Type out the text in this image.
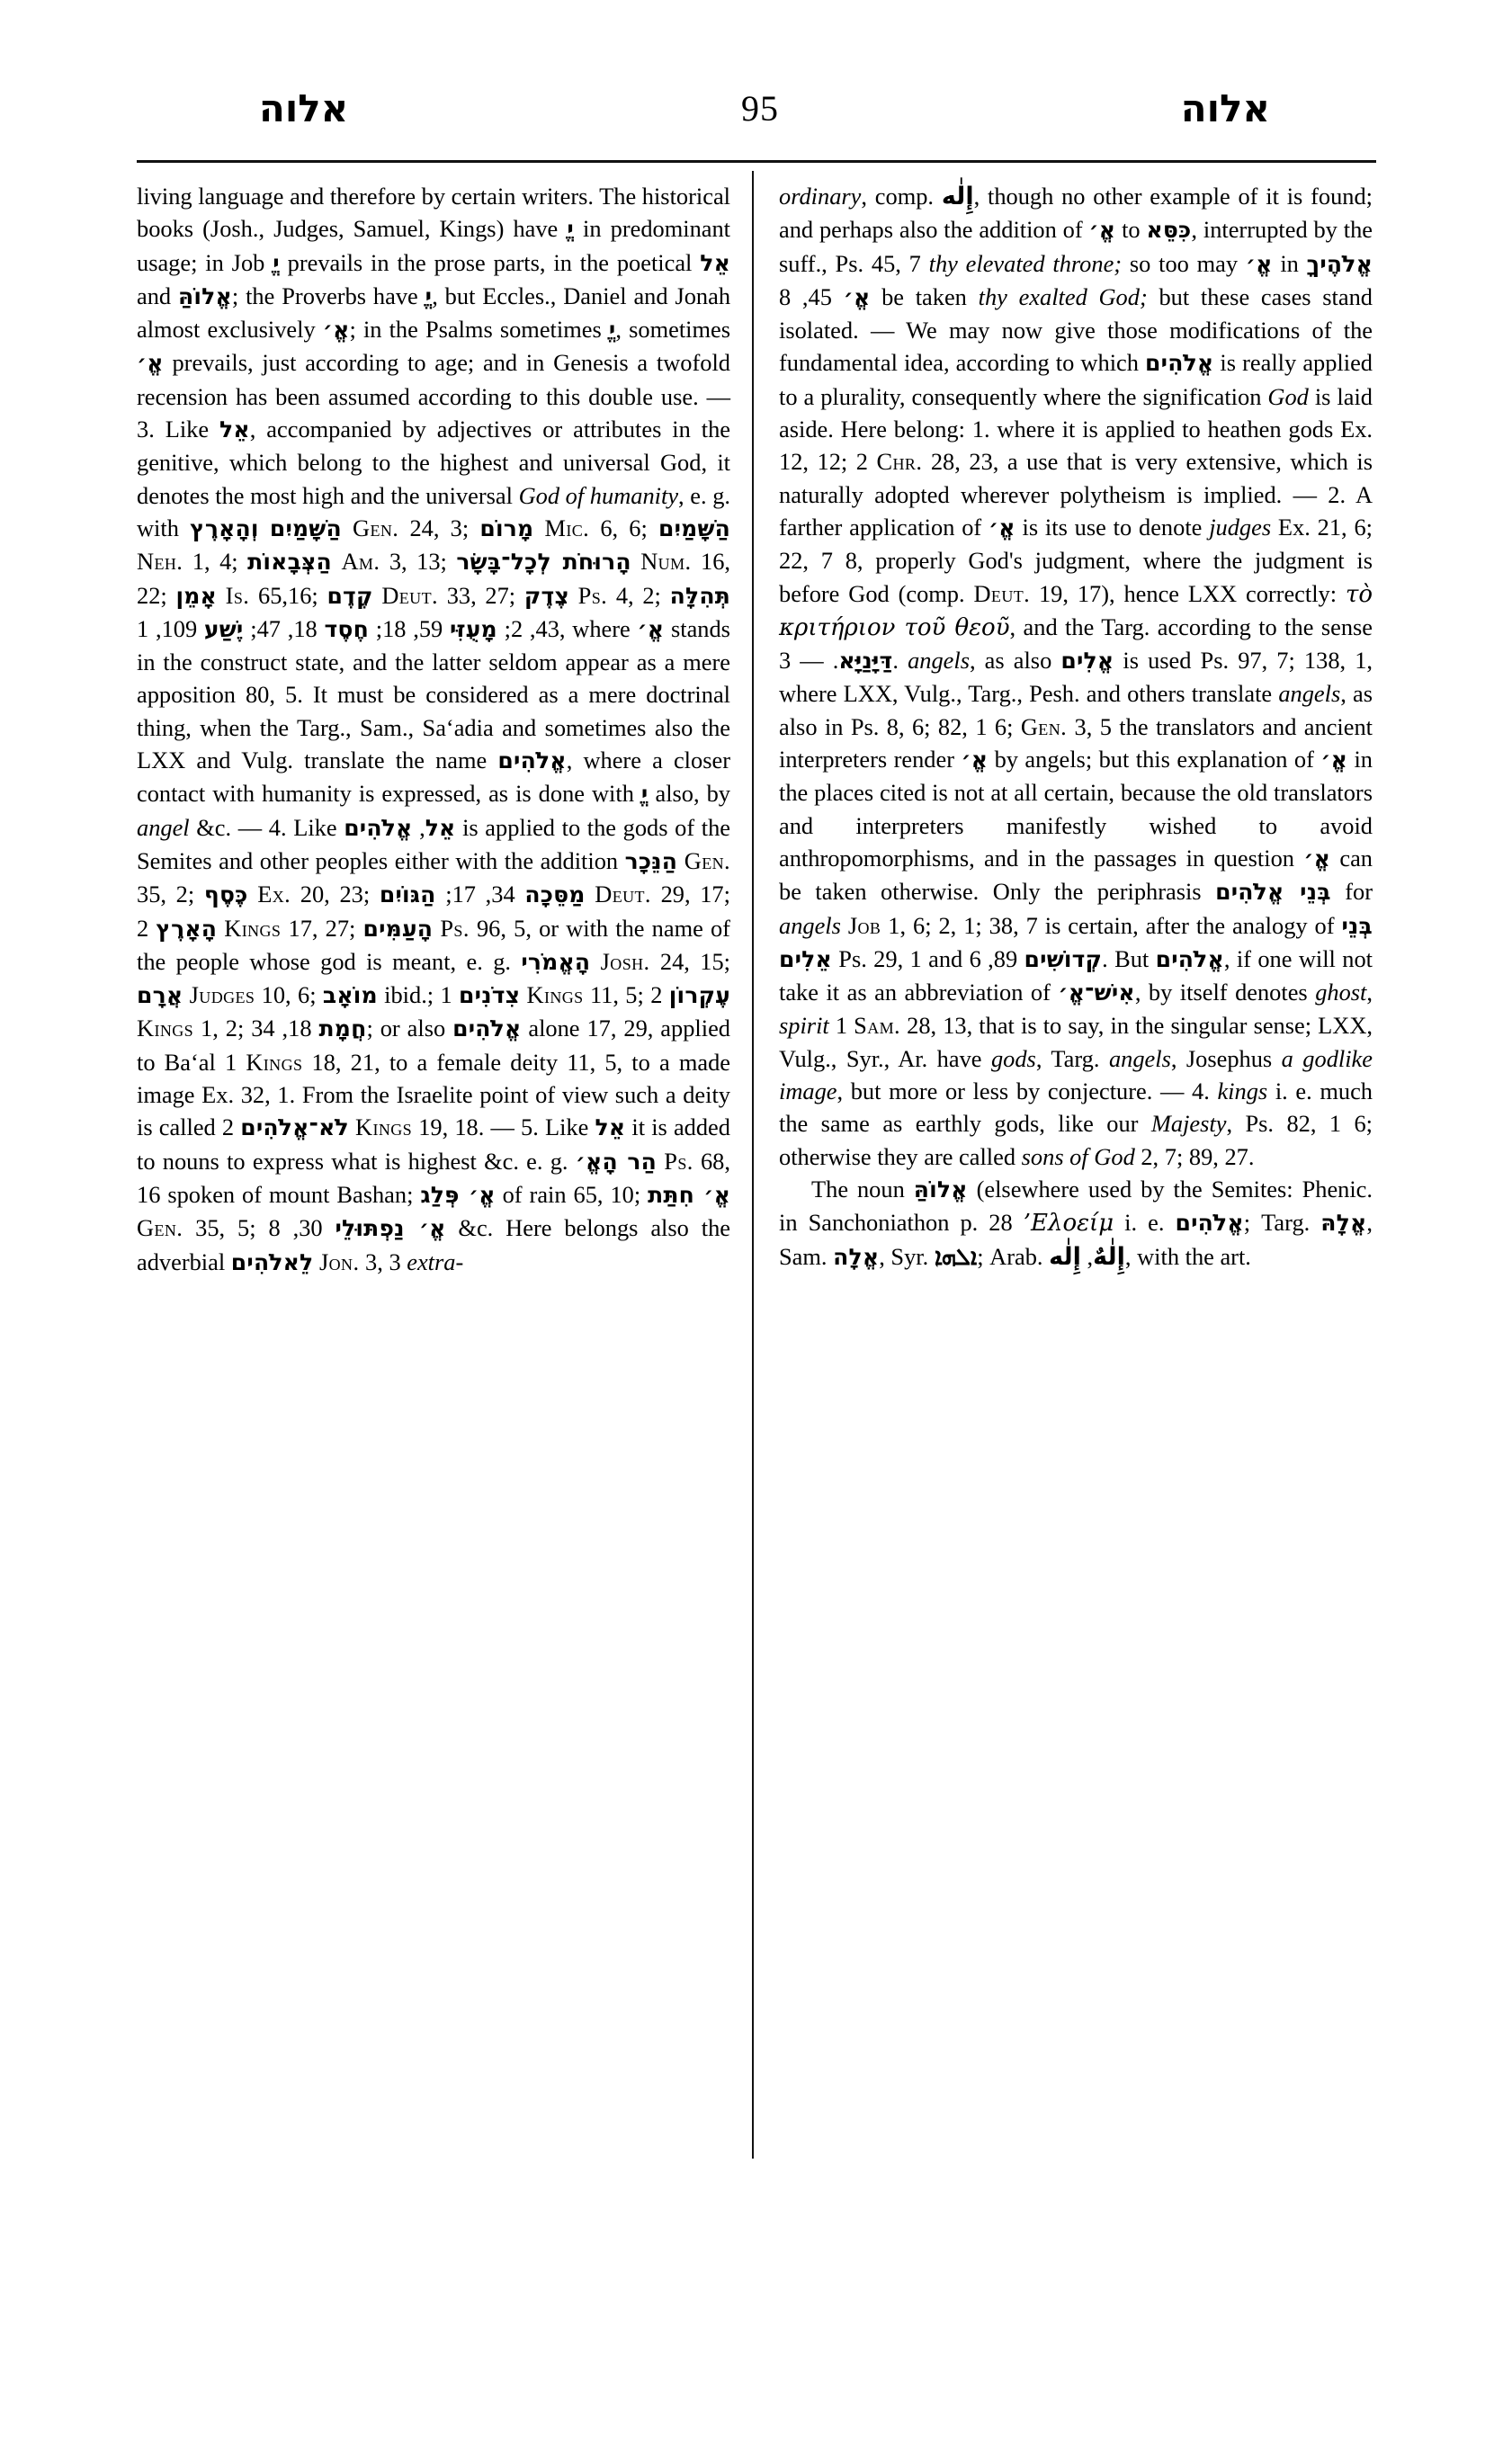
אלוה	95	אלוה

living language and therefore by certain writers. The historical books (Josh., Judges, Samuel, Kings) have יֱ in predominant usage; in Job יֱ prevails in the prose parts, in the poetical אֵל and אֱלוֹהַּ; the Proverbs have יֱ, but Eccles., Daniel and Jonah almost exclusively אֱ׳; in the Psalms sometimes יֱ, sometimes אֱ׳ prevails, just according to age; and in Genesis a twofold recension has been assumed according to this double use. — 3. Like אֵל, accompanied by adjectives or attributes in the genitive, which belong to the highest and universal God, it denotes the most high and the universal God of humanity, e. g. with	הַשָּׁמַיִם וְהָאָרֶץ	Gen. 24, 3; מָרוֹם Mic. 6, 6; הַשָּׁמַיִם Neh. 1, 4; הַצְּבָאוֹת Am. 3, 13; הָרוּחֹת לְכָל־בָּשָׂר Num. 16, 22; אָמֵן Is. 65,16; קֶדֶם Deut. 33, 27; צֶדֶק Ps. 4, 2; תְּהִלָּה 43, 2; מָעֻזִּי 59, 18; חֶסֶד 18, 47; יֶשַׁע 109, 1, where אֱ׳ stands in the construct state, and the latter seldom appear as a mere apposition 80, 5. It must be considered as a mere doctrinal thing, when the Targ., Sam., Sa‘adia and sometimes also the LXX and Vulg. translate the name אֱלֹהִים, where a closer contact with humanity is expressed, as is done with יֱ also, by angel &c. — 4. Like	אֵל, אֱלֹהִים is applied to the gods of the Semites and other peoples either with the addition הַנֵּכָר Gen. 35, 2; כֶּסֶף Ex. 20, 23;	מַסֵּכָה 34, 17; הַגּוֹיִם	Deut. 29, 17; הָאָרֶץ 2 Kings 17, 27; הָעַמִּים Ps. 96, 5, or with the name of the people whose god is meant, e. g. הָאֱמֹרִי Josh. 24, 15; אֲרָם Judges 10, 6; מוֹאָב ibid.; צִדֹנִים 1 Kings 11, 5; עֶקְרוֹן 2 Kings 1, 2;	חֲמָת 18, 34; or also אֱלֹהִים alone 17, 29, applied to Ba‘al 1 Kings 18, 21, to a female deity 11, 5, to a made image Ex. 32, 1. From the Israelite point of view such a deity is called לֹא־אֱלֹהִים 2 Kings 19, 18. — 5. Like אֵל it is added to nouns to express what is highest &c. e. g. הַר הָאֱ׳ Ps. 68, 16 spoken of mount Bashan; אֱ׳ פְּלַג of rain 65, 10; אֱ׳ חִתַּת Gen. 35, 5;	אֱ׳ נַפְתּוּלֵי 30, 8 &c. Here belongs also the adverbial לֵאלֹהִים Jon. 3, 3 extra-

ordinary, comp. إِلٰه, though no other example of it is found; and perhaps also the addition of אֱ׳ to כִּסֵּא, interrupted by the suff., Ps. 45, 7 thy elevated throne; so too may אֱ׳ in אֱלֹהֶיךָ אֱ׳ 45, 8 be taken thy exalted God; but these cases stand isolated. — We may now give those modifications of the fundamental idea, according to which אֱלֹהִים is really applied to a plurality, consequently where the signification God is laid aside. Here belong: 1. where it is applied to heathen gods Ex. 12, 12; 2 Chr. 28, 23, a use that is very extensive, which is naturally adopted wherever polytheism is implied. — 2. A farther application of אֱ׳ is its use to denote judges Ex. 21, 6; 22, 7 8, properly God's judgment, where the judgment is before God (comp. Deut. 19, 17), hence LXX correctly: τὸ κριτήριον τοῦ θεοῦ, and the Targ. according to the sense דַּיָּנַיָּא. — 3. angels, as also אֱלִים is used Ps. 97, 7; 138, 1, where LXX, Vulg., Targ., Pesh. and others translate angels, as also in Ps. 8, 6; 82, 1 6; Gen. 3, 5 the translators and ancient interpreters render אֱ׳ by angels; but this explanation of אֱ׳ in the places cited is not at all certain, because the old translators and interpreters manifestly wished to avoid anthropomorphisms, and in the passages in question אֱ׳ can be taken otherwise. Only the periphrasis בְּנֵי אֱלֹהִים for angels Job 1, 6; 2, 1; 38, 7 is certain, after the analogy of בְּנֵי אֵלִים Ps. 29, 1 and קְדוֹשִׁים 89, 6. But אֱלֹהִים, if one will not take it as an abbreviation of אִישׁ־אֱ׳, by itself denotes ghost, spirit 1 Sam. 28, 13, that is to say, in the singular sense; LXX, Vulg., Syr., Ar. have gods, Targ. angels, Josephus a godlike image, but more or less by conjecture. — 4. kings i. e. much the same as earthly gods, like our Majesty, Ps. 82, 1 6; otherwise they are called sons of God 2, 7; 89, 27.

The noun אֱלוֹהַּ (elsewhere used by the Semites: Phenic. in Sanchoniathon p. 28 ’Ελοείμ i. e. אֱלֹהִים; Targ. אֱלָהּ, Sam. אֱלָה, Syr. ܐܠܗܐ; Arab. إِلٰهٌ, إِلٰه , with the art.
